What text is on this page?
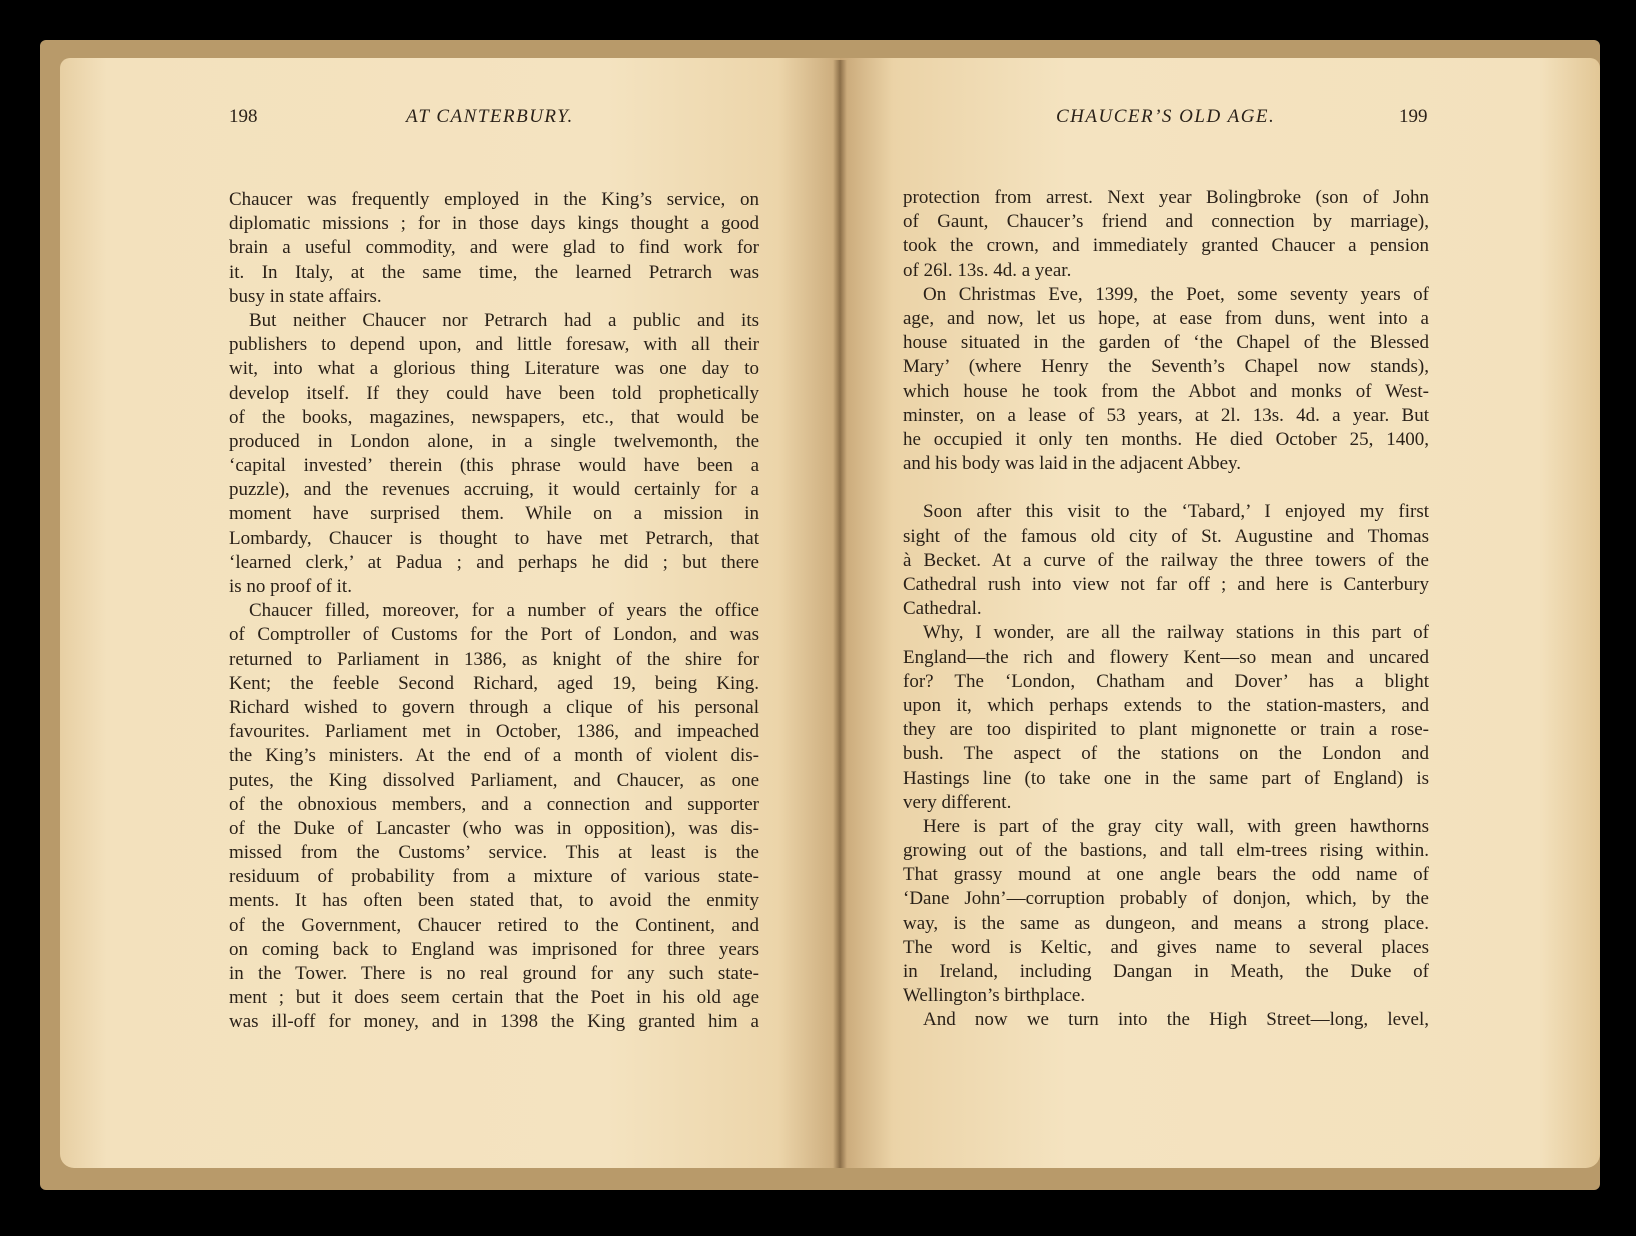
198	AT CANTERBURY.	CHAUCER’S OLD AGE.	199
Chaucer was frequently employed in the King’s service, on
diplomatic missions ; for in those days kings thought a good
brain a useful commodity, and were glad to find work for
it. In Italy, at the same time, the learned Petrarch was
busy in state affairs.
But neither Chaucer nor Petrarch had a public and its
publishers to depend upon, and little foresaw, with all their
wit, into what a glorious thing Literature was one day to
develop itself. If they could have been told prophetically
of the books, magazines, newspapers, etc., that would be
produced in London alone, in a single twelvemonth, the
‘capital invested’ therein (this phrase would have been a
puzzle), and the revenues accruing, it would certainly for a
moment have surprised them. While on a mission in
Lombardy, Chaucer is thought to have met Petrarch, that
‘learned clerk,’ at Padua ; and perhaps he did ; but there
is no proof of it.
Chaucer filled, moreover, for a number of years the office
of Comptroller of Customs for the Port of London, and was
returned to Parliament in 1386, as knight of the shire for
Kent; the feeble Second Richard, aged 19, being King.
Richard wished to govern through a clique of his personal
favourites. Parliament met in October, 1386, and impeached
the King’s ministers. At the end of a month of violent dis-
putes, the King dissolved Parliament, and Chaucer, as one
of the obnoxious members, and a connection and supporter
of the Duke of Lancaster (who was in opposition), was dis-
missed from the Customs’ service. This at least is the
residuum of probability from a mixture of various state-
ments. It has often been stated that, to avoid the enmity
of the Government, Chaucer retired to the Continent, and
on coming back to England was imprisoned for three years
in the Tower. There is no real ground for any such state-
ment ; but it does seem certain that the Poet in his old age
was ill-off for money, and in 1398 the King granted him a
protection from arrest. Next year Bolingbroke (son of John
of Gaunt, Chaucer’s friend and connection by marriage),
took the crown, and immediately granted Chaucer a pension
of 26l. 13s. 4d. a year.
On Christmas Eve, 1399, the Poet, some seventy years of
age, and now, let us hope, at ease from duns, went into a
house situated in the garden of ‘the Chapel of the Blessed
Mary’ (where Henry the Seventh’s Chapel now stands),
which house he took from the Abbot and monks of West-
minster, on a lease of 53 years, at 2l. 13s. 4d. a year. But
he occupied it only ten months. He died October 25, 1400,
and his body was laid in the adjacent Abbey.
Soon after this visit to the ‘Tabard,’ I enjoyed my first
sight of the famous old city of St. Augustine and Thomas
à Becket. At a curve of the railway the three towers of the
Cathedral rush into view not far off ; and here is Canterbury
Cathedral.
Why, I wonder, are all the railway stations in this part of
England—the rich and flowery Kent—so mean and uncared
for? The ‘London, Chatham and Dover’ has a blight
upon it, which perhaps extends to the station-masters, and
they are too dispirited to plant mignonette or train a rose-
bush. The aspect of the stations on the London and
Hastings line (to take one in the same part of England) is
very different.
Here is part of the gray city wall, with green hawthorns
growing out of the bastions, and tall elm-trees rising within.
That grassy mound at one angle bears the odd name of
‘Dane John’—corruption probably of donjon, which, by the
way, is the same as dungeon, and means a strong place.
The word is Keltic, and gives name to several places
in Ireland, including Dangan in Meath, the Duke of
Wellington’s birthplace.
And now we turn into the High Street—long, level,
